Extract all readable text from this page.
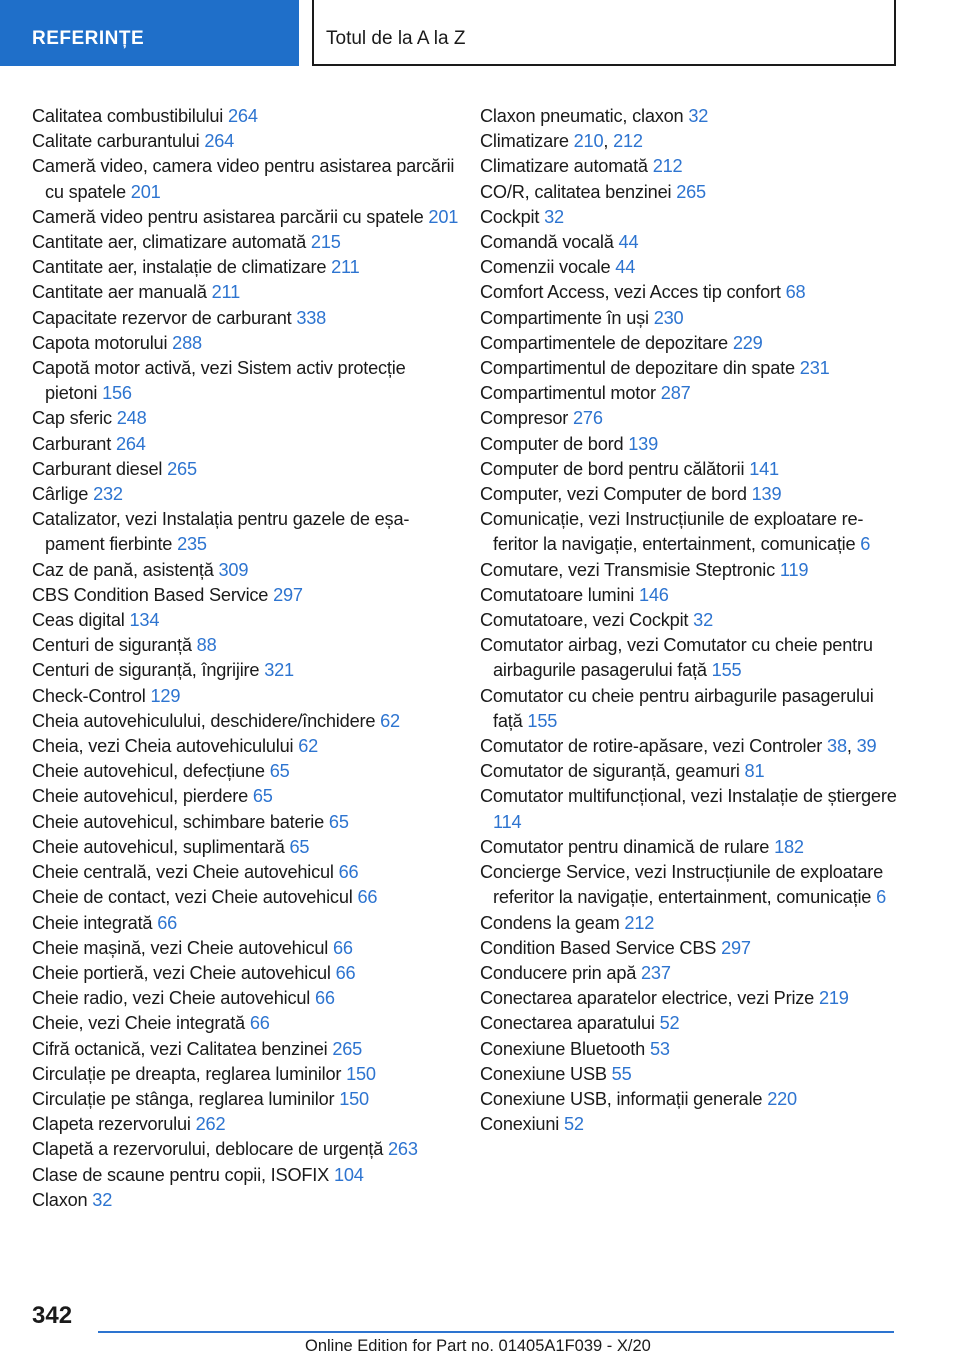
REFERINȚE	Totul de la A la Z
Calitatea combustibilului 264
Calitate carburantului 264
Cameră video, camera video pentru asistarea parcării cu spatele 201
Cameră video pentru asistarea parcării cu spatele 201
Cantitate aer, climatizare automată 215
Cantitate aer, instalație de climatizare 211
Cantitate aer manuală 211
Capacitate rezervor de carburant 338
Capota motorului 288
Capotă motor activă, vezi Sistem activ protecție pietoni 156
Cap sferic 248
Carburant 264
Carburant diesel 265
Cârlige 232
Catalizator, vezi Instalația pentru gazele de eșapament fierbinte 235
Caz de pană, asistență 309
CBS Condition Based Service 297
Ceas digital 134
Centuri de siguranță 88
Centuri de siguranță, îngrijire 321
Check-Control 129
Cheia autovehiculului, deschidere/închidere 62
Cheia, vezi Cheia autovehiculului 62
Cheie autovehicul, defecțiune 65
Cheie autovehicul, pierdere 65
Cheie autovehicul, schimbare baterie 65
Cheie autovehicul, suplimentară 65
Cheie centrală, vezi Cheie autovehicul 66
Cheie de contact, vezi Cheie autovehicul 66
Cheie integrată 66
Cheie mașină, vezi Cheie autovehicul 66
Cheie portieră, vezi Cheie autovehicul 66
Cheie radio, vezi Cheie autovehicul 66
Cheie, vezi Cheie integrată 66
Cifră octanică, vezi Calitatea benzinei 265
Circulație pe dreapta, reglarea luminilor 150
Circulație pe stânga, reglarea luminilor 150
Clapeta rezervorului 262
Clapetă a rezervorului, deblocare de urgență 263
Clase de scaune pentru copii, ISOFIX 104
Claxon 32
Claxon pneumatic, claxon 32
Climatizare 210, 212
Climatizare automată 212
CO/R, calitatea benzinei 265
Cockpit 32
Comandă vocală 44
Comenzii vocale 44
Comfort Access, vezi Acces tip confort 68
Compartimente în uși 230
Compartimentele de depozitare 229
Compartimentul de depozitare din spate 231
Compartimentul motor 287
Compresor 276
Computer de bord 139
Computer de bord pentru călătorii 141
Computer, vezi Computer de bord 139
Comunicație, vezi Instrucțiunile de exploatare referitor la navigație, entertainment, comunicație 6
Comutare, vezi Transmisie Steptronic 119
Comutatoare lumini 146
Comutatoare, vezi Cockpit 32
Comutator airbag, vezi Comutator cu cheie pentru airbagurile pasagerului față 155
Comutator cu cheie pentru airbagurile pasagerului față 155
Comutator de rotire-apăsare, vezi Controler 38, 39
Comutator de siguranță, geamuri 81
Comutator multifuncțional, vezi Instalație de știergere 114
Comutator pentru dinamică de rulare 182
Concierge Service, vezi Instrucțiunile de exploatare referitor la navigație, entertainment, comunicație 6
Condens la geam 212
Condition Based Service CBS 297
Conducere prin apă 237
Conectarea aparatelor electrice, vezi Prize 219
Conectarea aparatului 52
Conexiune Bluetooth 53
Conexiune USB 55
Conexiune USB, informații generale 220
Conexiuni 52
342
Online Edition for Part no. 01405A1F039 - X/20
